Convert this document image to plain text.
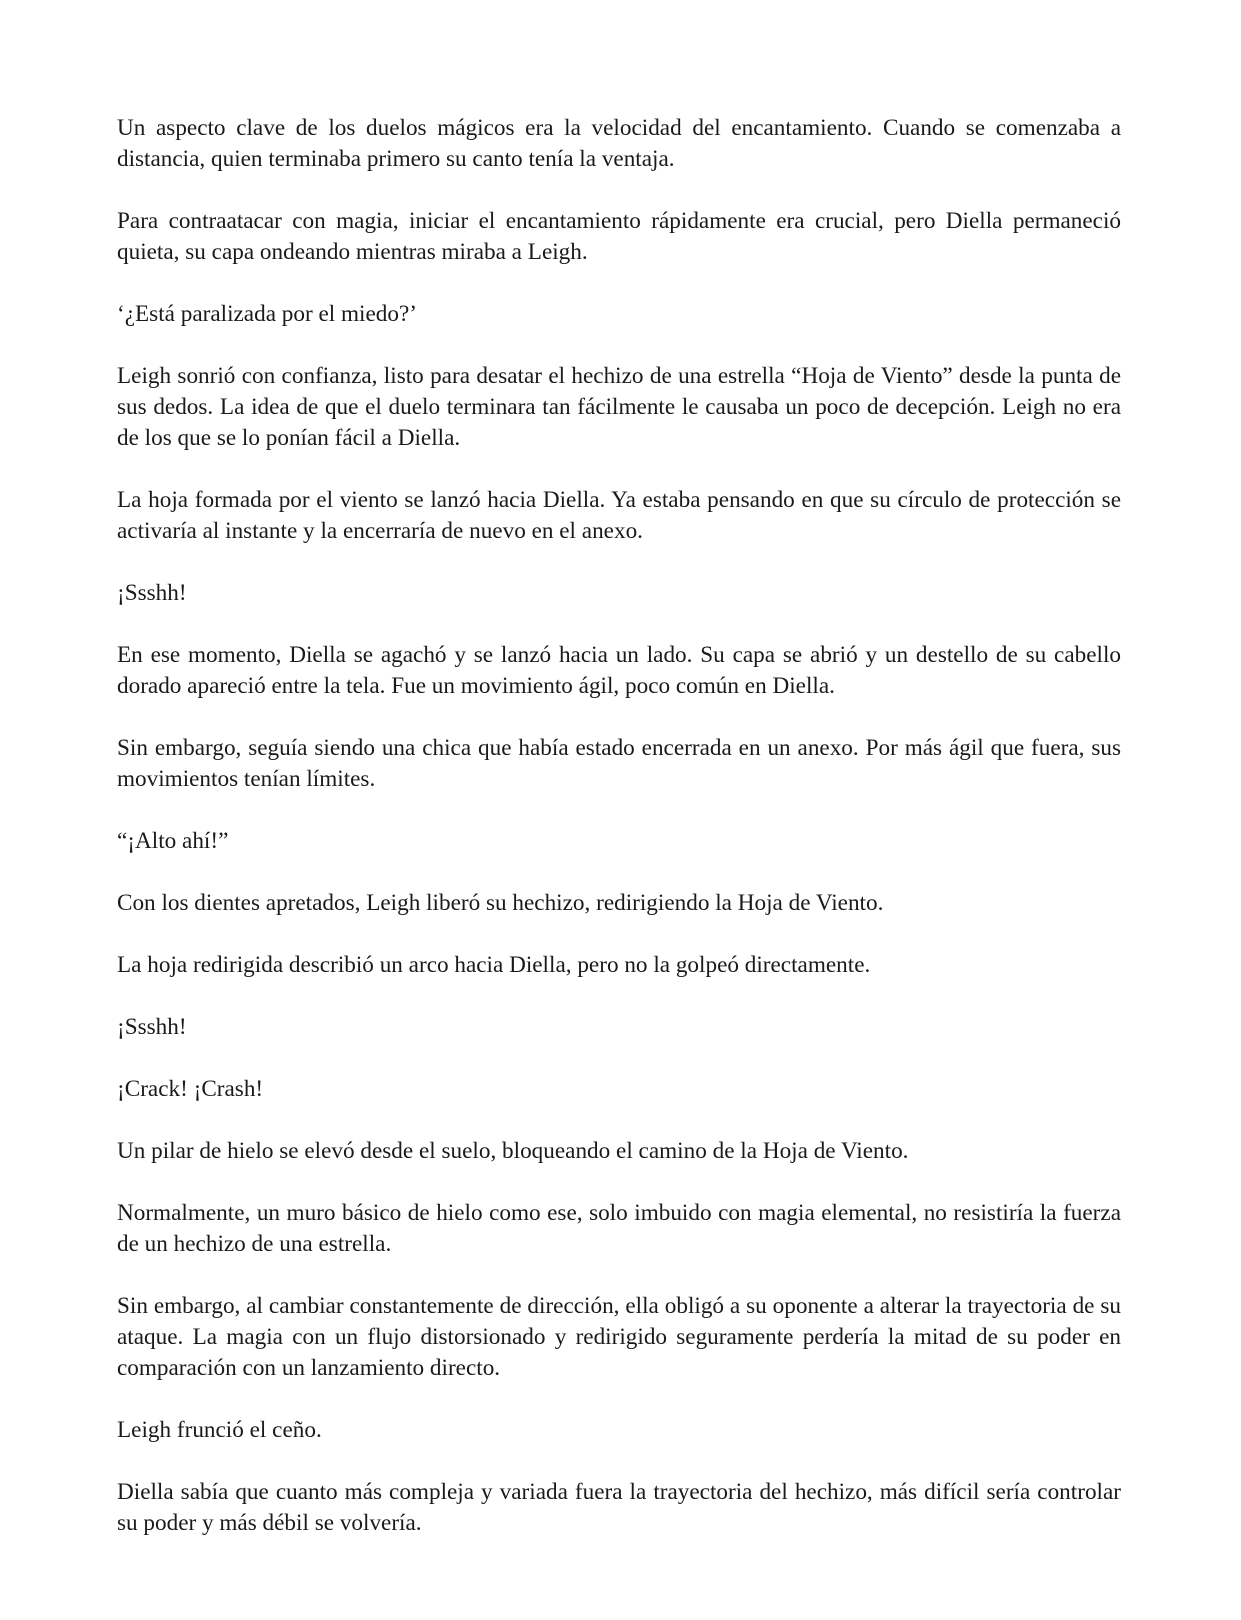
Un aspecto clave de los duelos mágicos era la velocidad del encantamiento. Cuando se comenzaba a distancia, quien terminaba primero su canto tenía la ventaja.

Para contraatacar con magia, iniciar el encantamiento rápidamente era crucial, pero Diella permaneció quieta, su capa ondeando mientras miraba a Leigh.

‘¿Está paralizada por el miedo?’

Leigh sonrió con confianza, listo para desatar el hechizo de una estrella “Hoja de Viento” desde la punta de sus dedos. La idea de que el duelo terminara tan fácilmente le causaba un poco de decepción. Leigh no era de los que se lo ponían fácil a Diella.

La hoja formada por el viento se lanzó hacia Diella. Ya estaba pensando en que su círculo de protección se activaría al instante y la encerraría de nuevo en el anexo.

¡Ssshh!

En ese momento, Diella se agachó y se lanzó hacia un lado. Su capa se abrió y un destello de su cabello dorado apareció entre la tela. Fue un movimiento ágil, poco común en Diella.

Sin embargo, seguía siendo una chica que había estado encerrada en un anexo. Por más ágil que fuera, sus movimientos tenían límites.

“¡Alto ahí!”

Con los dientes apretados, Leigh liberó su hechizo, redirigiendo la Hoja de Viento.

La hoja redirigida describió un arco hacia Diella, pero no la golpeó directamente.

¡Ssshh!

¡Crack! ¡Crash!

Un pilar de hielo se elevó desde el suelo, bloqueando el camino de la Hoja de Viento.

Normalmente, un muro básico de hielo como ese, solo imbuido con magia elemental, no resistiría la fuerza de un hechizo de una estrella.

Sin embargo, al cambiar constantemente de dirección, ella obligó a su oponente a alterar la trayectoria de su ataque. La magia con un flujo distorsionado y redirigido seguramente perdería la mitad de su poder en comparación con un lanzamiento directo.

Leigh frunció el ceño.

Diella sabía que cuanto más compleja y variada fuera la trayectoria del hechizo, más difícil sería controlar su poder y más débil se volvería.
